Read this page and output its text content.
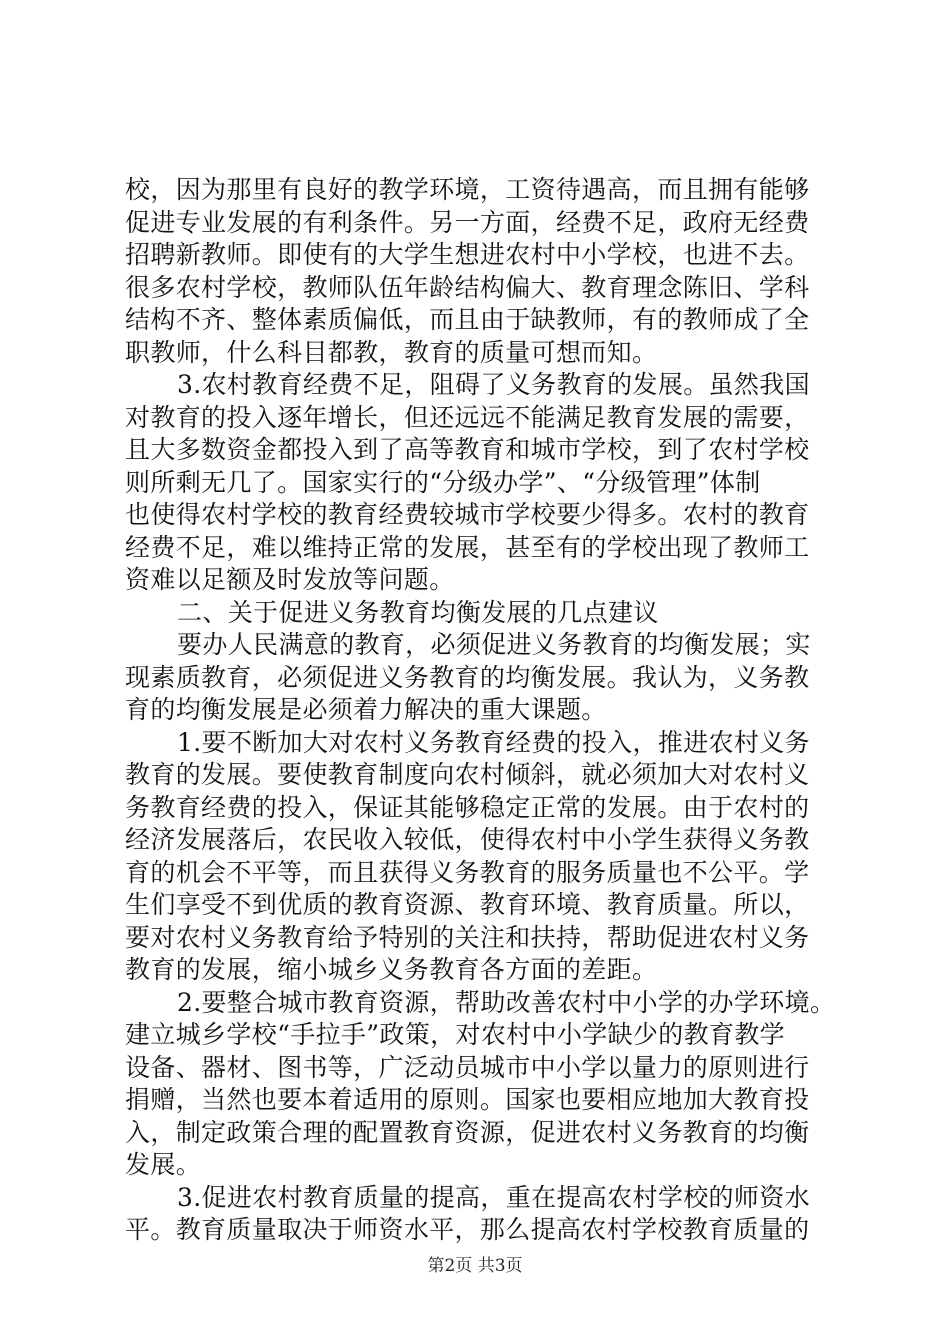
校，因为那里有良好的教学环境，工资待遇高，而且拥有能够
促进专业发展的有利条件。另一方面，经费不足，政府无经费
招聘新教师。即使有的大学生想进农村中小学校，也进不去。
很多农村学校，教师队伍年龄结构偏大、教育理念陈旧、学科
结构不齐、整体素质偏低，而且由于缺教师，有的教师成了全
职教师，什么科目都教，教育的质量可想而知。
3.农村教育经费不足，阻碍了义务教育的发展。虽然我国
对教育的投入逐年增长，但还远远不能满足教育发展的需要，
且大多数资金都投入到了高等教育和城市学校，到了农村学校
则所剩无几了。国家实行的“分级办学”、“分级管理”体制
也使得农村学校的教育经费较城市学校要少得多。农村的教育
经费不足，难以维持正常的发展，甚至有的学校出现了教师工
资难以足额及时发放等问题。
二、关于促进义务教育均衡发展的几点建议
要办人民满意的教育，必须促进义务教育的均衡发展；实
现素质教育，必须促进义务教育的均衡发展。我认为，义务教
育的均衡发展是必须着力解决的重大课题。
1.要不断加大对农村义务教育经费的投入，推进农村义务
教育的发展。要使教育制度向农村倾斜，就必须加大对农村义
务教育经费的投入，保证其能够稳定正常的发展。由于农村的
经济发展落后，农民收入较低，使得农村中小学生获得义务教
育的机会不平等，而且获得义务教育的服务质量也不公平。学
生们享受不到优质的教育资源、教育环境、教育质量。所以，
要对农村义务教育给予特别的关注和扶持，帮助促进农村义务
教育的发展，缩小城乡义务教育各方面的差距。
2.要整合城市教育资源，帮助改善农村中小学的办学环境。
建立城乡学校“手拉手”政策，对农村中小学缺少的教育教学
设备、器材、图书等，广泛动员城市中小学以量力的原则进行
捐赠，当然也要本着适用的原则。国家也要相应地加大教育投
入，制定政策合理的配置教育资源，促进农村义务教育的均衡
发展。
3.促进农村教育质量的提高，重在提高农村学校的师资水
平。教育质量取决于师资水平，那么提高农村学校教育质量的
第2页 共3页
